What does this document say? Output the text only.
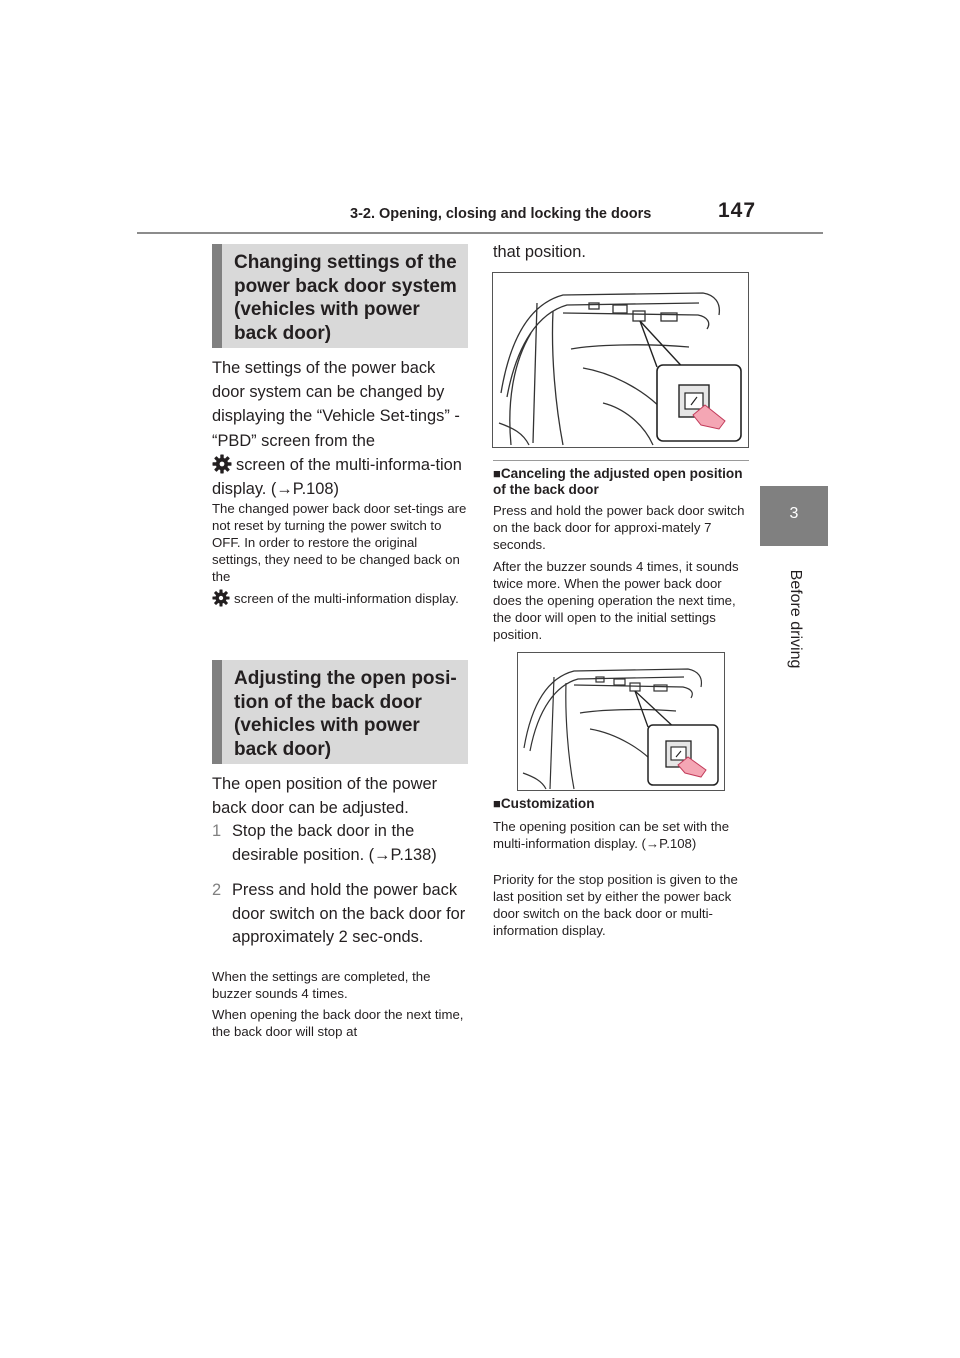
3-2. Opening, closing and locking the doors	147
3
Before driving
Changing settings of the power back door system (vehicles with power back door)
The settings of the power back door system can be changed by displaying the “Vehicle Set-tings” - “PBD” screen from the
screen of the multi-informa-tion display. (→P.108)
The changed power back door set-tings are not reset by turning the power switch to OFF. In order to restore the original settings, they need to be changed back on the
screen of the multi-information display.
Adjusting the open posi-tion of the back door (vehicles with power back door)
The open position of the power back door can be adjusted.
1 Stop the back door in the desirable position. (→P.138)
2 Press and hold the power back door switch on the back door for approximately 2 sec-onds.
When the settings are completed, the buzzer sounds 4 times.
When opening the back door the next time, the back door will stop at
that position.
■Canceling the adjusted open position of the back door
Press and hold the power back door switch on the back door for approxi-mately 7 seconds.
After the buzzer sounds 4 times, it sounds twice more. When the power back door does the opening operation the next time, the door will open to the initial settings position.
■Customization
The opening position can be set with the multi-information display. (→P.108)
Priority for the stop position is given to the last position set by either the power back door switch on the back door or multi-information display.
